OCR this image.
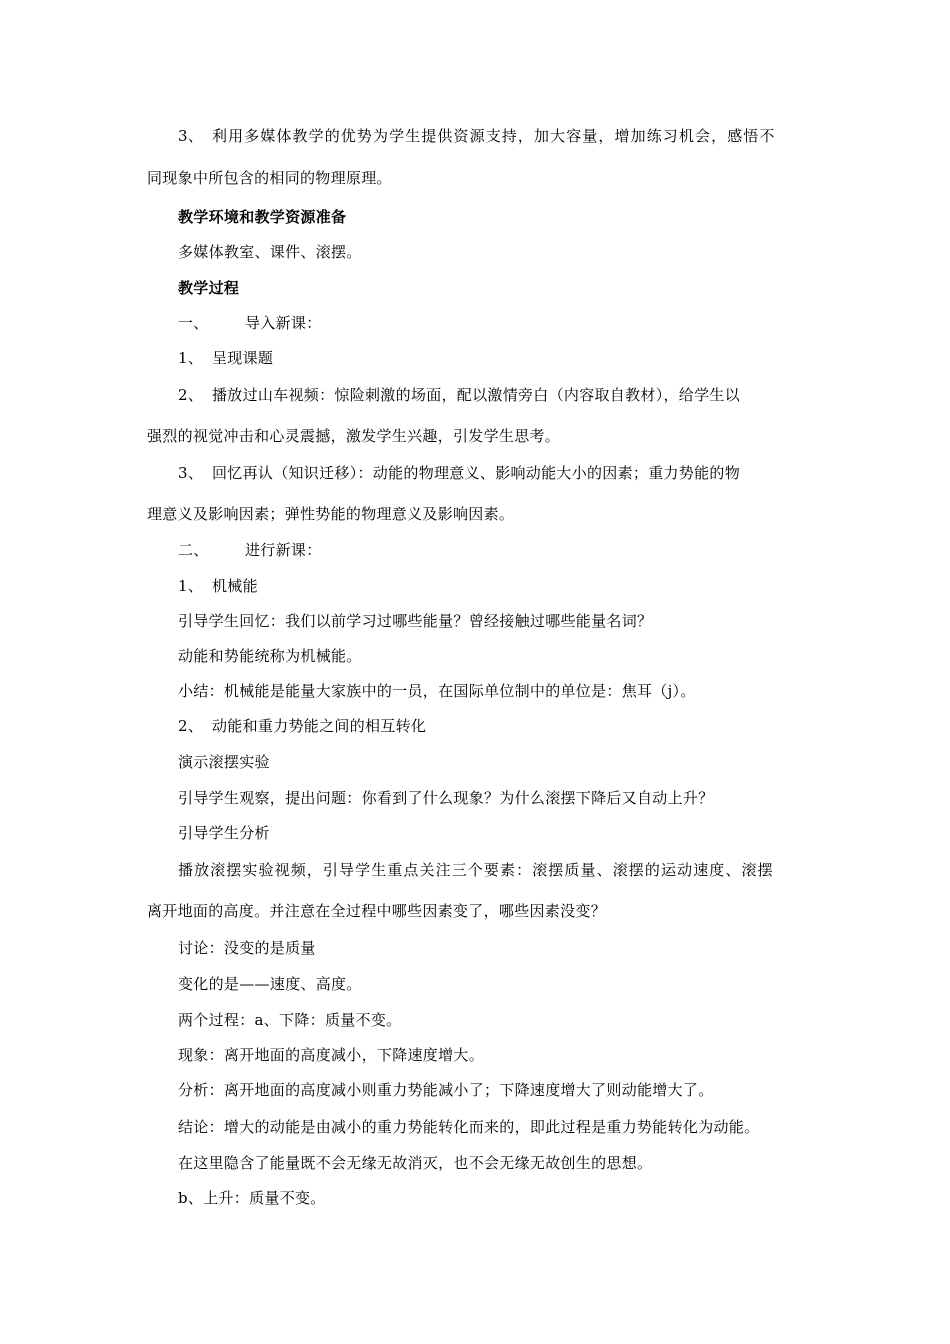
3、 利用多媒体教学的优势为学生提供资源支持，加大容量，增加练习机会，感悟不
同现象中所包含的相同的物理原理。
教学环境和教学资源准备
多媒体教室、课件、滚摆。
教学过程
一、 导入新课：
1、 呈现课题
2、 播放过山车视频：惊险刺激的场面，配以激情旁白（内容取自教材），给学生以
强烈的视觉冲击和心灵震撼，激发学生兴趣，引发学生思考。
3、 回忆再认（知识迁移）：动能的物理意义、影响动能大小的因素；重力势能的物
理意义及影响因素；弹性势能的物理意义及影响因素。
二、 进行新课：
1、 机械能
引导学生回忆：我们以前学习过哪些能量？曾经接触过哪些能量名词？
动能和势能统称为机械能。
小结：机械能是能量大家族中的一员，在国际单位制中的单位是：焦耳（j）。
2、 动能和重力势能之间的相互转化
演示滚摆实验
引导学生观察，提出问题：你看到了什么现象？为什么滚摆下降后又自动上升？
引导学生分析
播放滚摆实验视频，引导学生重点关注三个要素：滚摆质量、滚摆的运动速度、滚摆
离开地面的高度。并注意在全过程中哪些因素变了，哪些因素没变？
讨论：没变的是质量
变化的是——速度、高度。
两个过程：a、下降：质量不变。
现象：离开地面的高度减小，下降速度增大。
分析：离开地面的高度减小则重力势能减小了；下降速度增大了则动能增大了。
结论：增大的动能是由减小的重力势能转化而来的，即此过程是重力势能转化为动能。
在这里隐含了能量既不会无缘无故消灭，也不会无缘无故创生的思想。
b、上升：质量不变。
